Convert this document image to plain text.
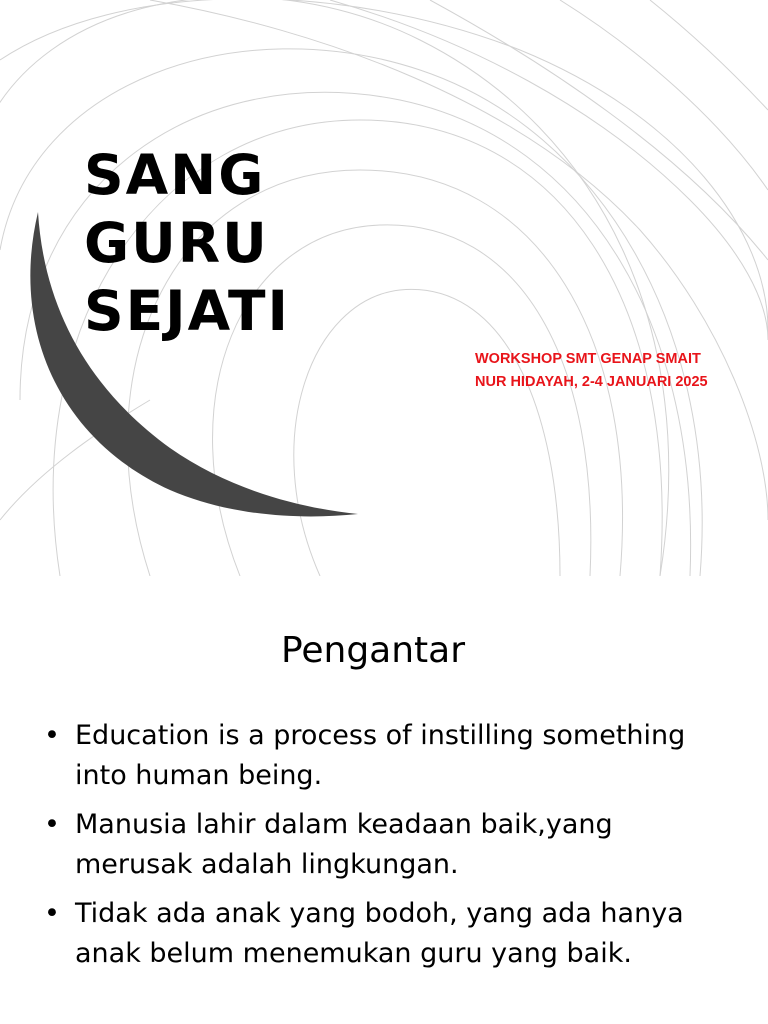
SANG
GURU
SEJATI

WORKSHOP SMT GENAP SMAIT
NUR HIDAYAH, 2-4 JANUARI 2025

Pengantar
• Education is a process of instilling something into human being.
• Manusia lahir dalam keadaan baik,yang merusak adalah lingkungan.
• Tidak ada anak yang bodoh, yang ada hanya anak belum menemukan guru yang baik.
